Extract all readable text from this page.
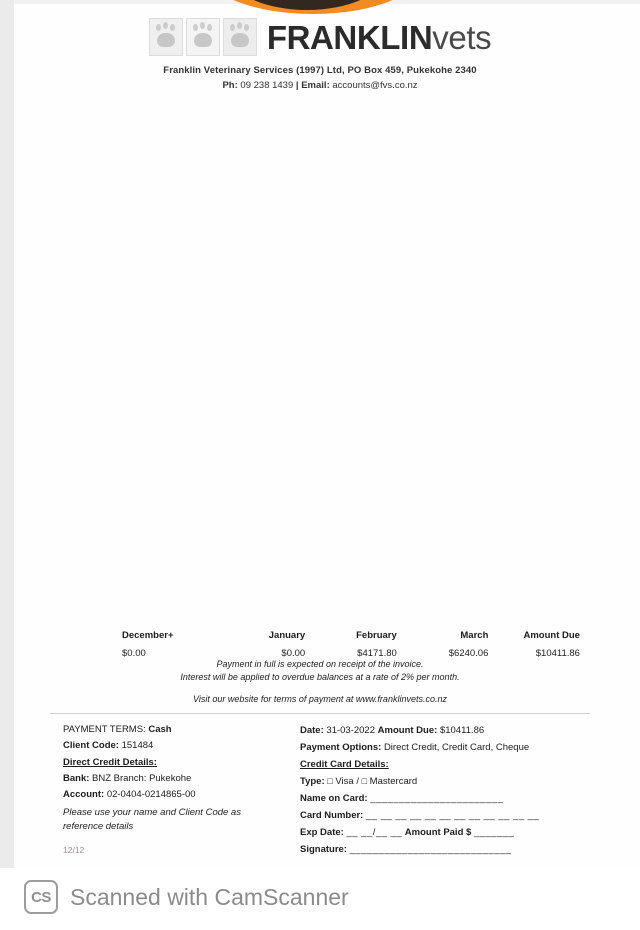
FRANKLINvets
Franklin Veterinary Services (1997) Ltd, PO Box 459, Pukekohe 2340
Ph: 09 238 1439 | Email: accounts@fvs.co.nz
December+
$0.00
January
$0.00
February
$4171.80
March
$6240.06
Amount Due
$10411.86
Payment in full is expected on receipt of the invoice.
Interest will be applied to overdue balances at a rate of 2% per month.
Visit our website for terms of payment at www.franklinvets.co.nz
PAYMENT TERMS: Cash
Client Code: 151484
Direct Credit Details:
Bank: BNZ Branch: Pukekohe
Account: 02-0404-0214865-00
Please use your name and Client Code as reference details
Date: 31-03-2022 Amount Due: $10411.86
Payment Options: Direct Credit, Credit Card, Cheque
Credit Card Details:
Type: □ Visa / □ Mastercard
Name on Card: _______________________
Card Number: __ __ __ __ __ __ __ __ __ __ __ __
Exp Date: __ __/__ __ Amount Paid $ _______
Signature: ____________________________
12/12
CS Scanned with CamScanner
